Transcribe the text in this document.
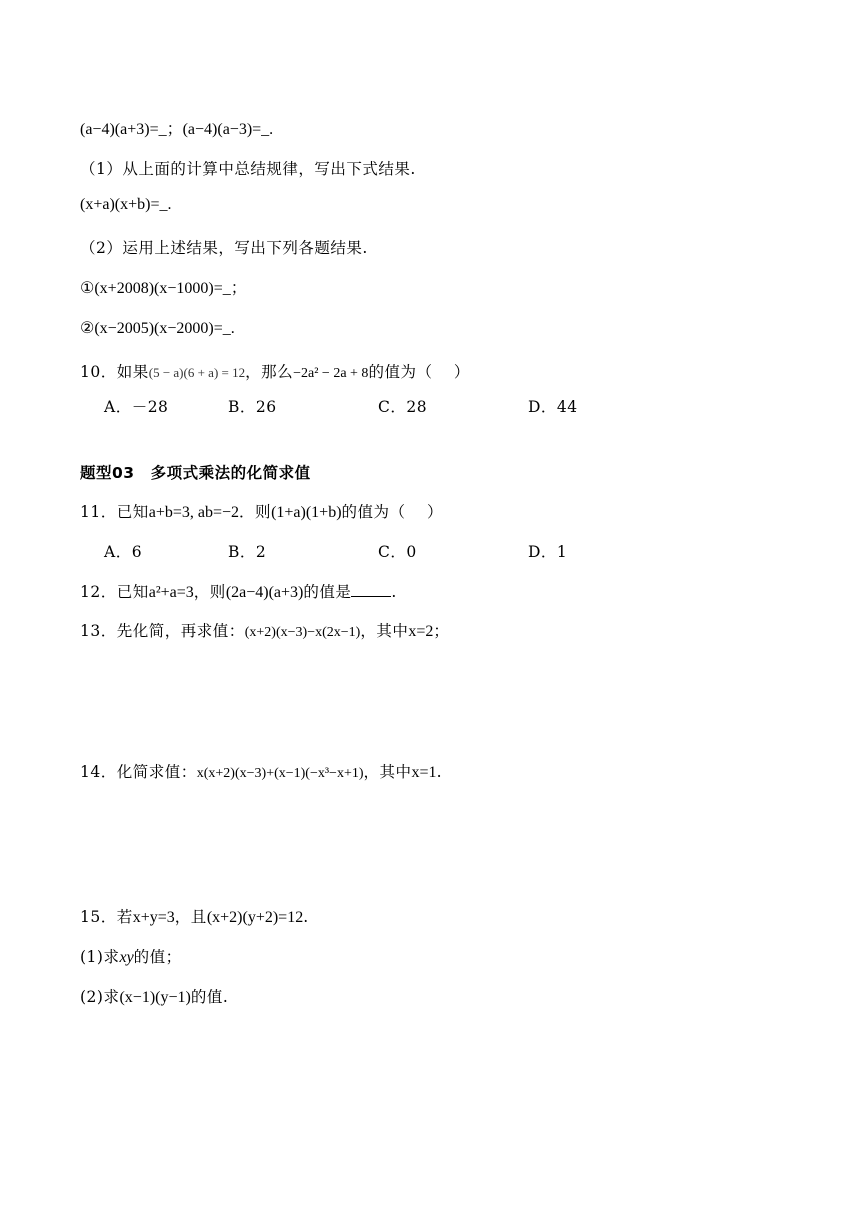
(a−4)(a+3)=_；(a−4)(a−3)=_.
（1）从上面的计算中总结规律，写出下式结果.
(x+a)(x+b)=_.
（2）运用上述结果，写出下列各题结果.
①(x+2008)(x−1000)=_；
②(x−2005)(x−2000)=_.
10．如果(5 − a)(6 + a) = 12，那么−2a² − 2a + 8的值为（　 ）
A．－28	B．26	C．28	D．44
题型03　多项式乘法的化简求值
11．已知a+b=3, ab=−2．则(1+a)(1+b)的值为（　 ）
A．6	B．2	C．0	D．1
12．已知a²+a=3，则(2a−4)(a+3)的值是	.
13．先化简，再求值：(x+2)(x−3)−x(2x−1)，其中x=2；
14．化简求值：x(x+2)(x−3)+(x−1)(−x³−x+1)，其中x=1.
15．若x+y=3，且(x+2)(y+2)=12.
(1)求xy的值；
(2)求(x−1)(y−1)的值.
